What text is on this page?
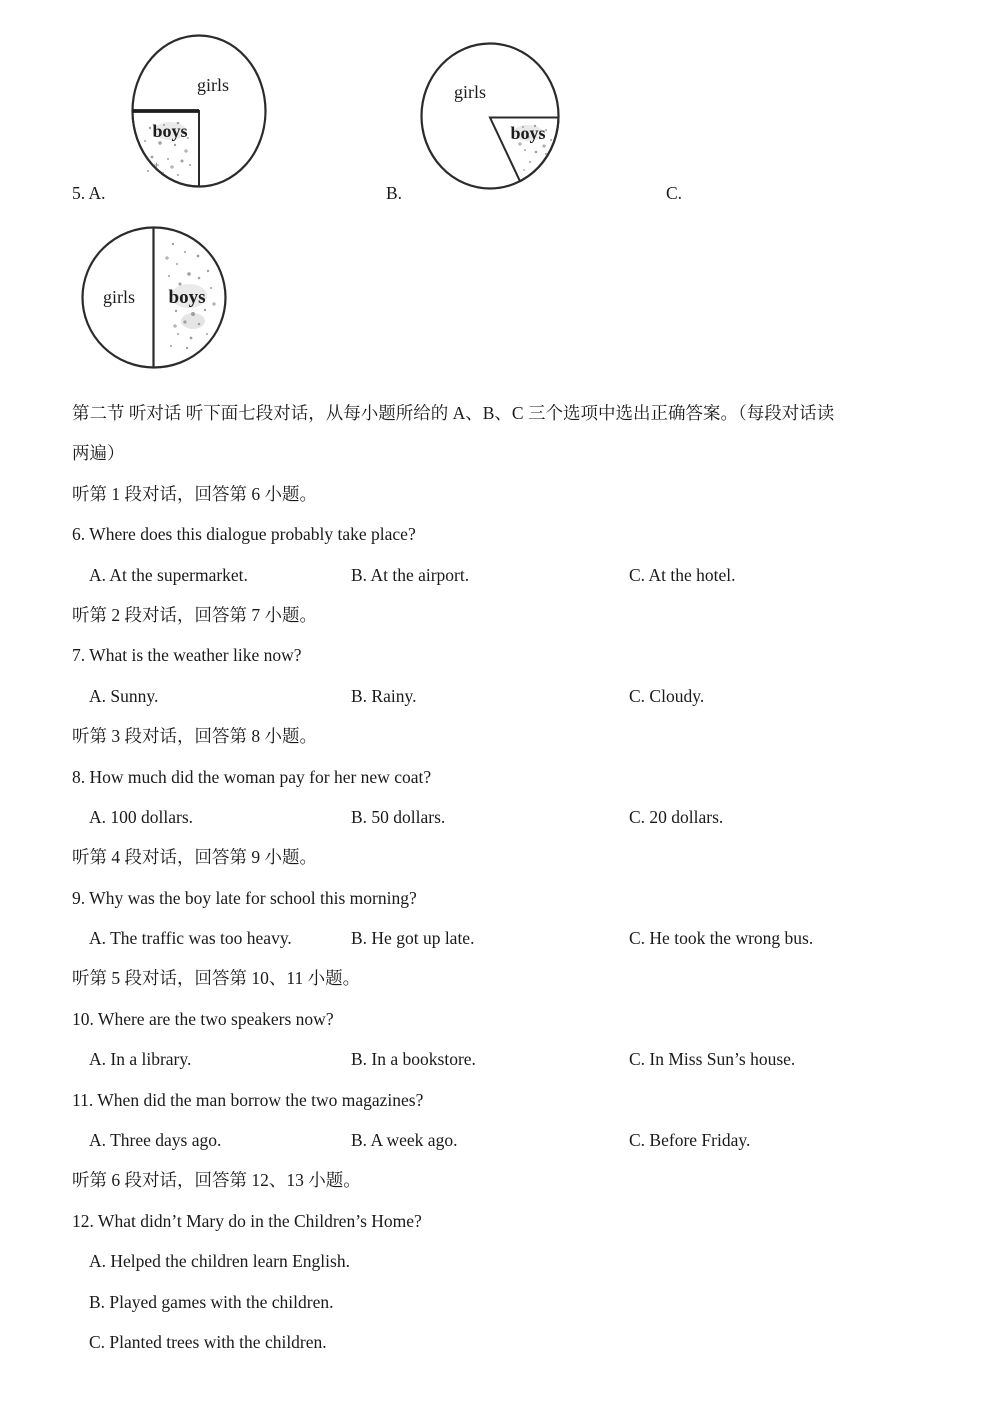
5. A.
girls
boys
B.
girls
boys
C.
girls boys
第二节 听对话 听下面七段对话，从每小题所给的 A、B、C 三个选项中选出正确答案。（每段对话读
两遍）
听第 1 段对话，回答第 6 小题。
6. Where does this dialogue probably take place?

A. At the supermarket.

	B. At the airport.

	C. At the hotel.

听第 2 段对话，回答第 7 小题。
7. What is the weather like now?

A. Sunny.

	B. Rainy.

	C. Cloudy.

听第 3 段对话，回答第 8 小题。
8. How much did the woman pay for her new coat?

A. 100 dollars.

	B. 50 dollars.

	C. 20 dollars.

听第 4 段对话，回答第 9 小题。
9. Why was the boy late for school this morning?

A. The traffic was too heavy.

	B. He got up late.

	C. He took the wrong bus.

听第 5 段对话，回答第 10、11 小题。
10. Where are the two speakers now?

A. In a library.

	B. In a bookstore.

	C. In Miss Sun’s house.

11. When did the man borrow the two magazines?

A. Three days ago.

	B. A week ago.

	C. Before Friday.

听第 6 段对话，回答第 12、13 小题。
12. What didn’t Mary do in the Children’s Home?
A. Helped the children learn English.
B. Played games with the children.
C. Planted trees with the children.
